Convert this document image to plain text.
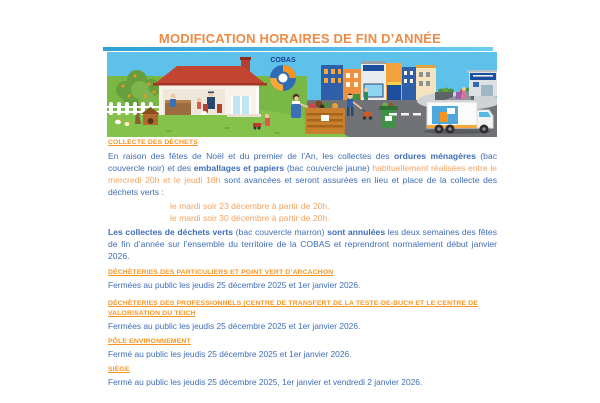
MODIFICATION HORAIRES DE FIN D’ANNÉE
COBAS
COLLECTE DES DÉCHETS

En raison des fêtes de Noël et du premier de l’An, les collectes des ordures ménagères (bac couvercle noir) et des emballages et papiers (bac couvercle jaune) habituellement réalisées entre le mercredi 20h et le jeudi 18h sont avancées et seront assurées en lieu et place de la collecte des déchets verts :

le mardi soir 23 décembre à partir de 20h.
le mardi soir 30 décembre à partir de 20h.

Les collectes de déchets verts (bac couvercle marron) sont annulées les deux semaines des fêtes de fin d’année sur l’ensemble du territoire de la COBAS et reprendront normalement début janvier 2026.

DÉCHÈTERIES DES PARTICULIERS ET POINT VERT D’ARCACHON

Fermées au public les jeudis 25 décembre 2025 et 1er janvier 2026.

DÉCHÈTERIES DES PROFESSIONNELS (CENTRE DE TRANSFERT DE LA TESTE-DE-BUCH ET LE CENTRE DE VALORISATION DU TEICH

Fermées au public les jeudis 25 décembre 2025 et 1er janvier 2026.

PÔLE ENVIRONNEMENT

Fermé au public les jeudis 25 décembre 2025 et 1er janvier 2026.

SIÈGE

Fermé au public les jeudis 25 décembre 2025, 1er janvier et vendredi 2 janvier 2026.
